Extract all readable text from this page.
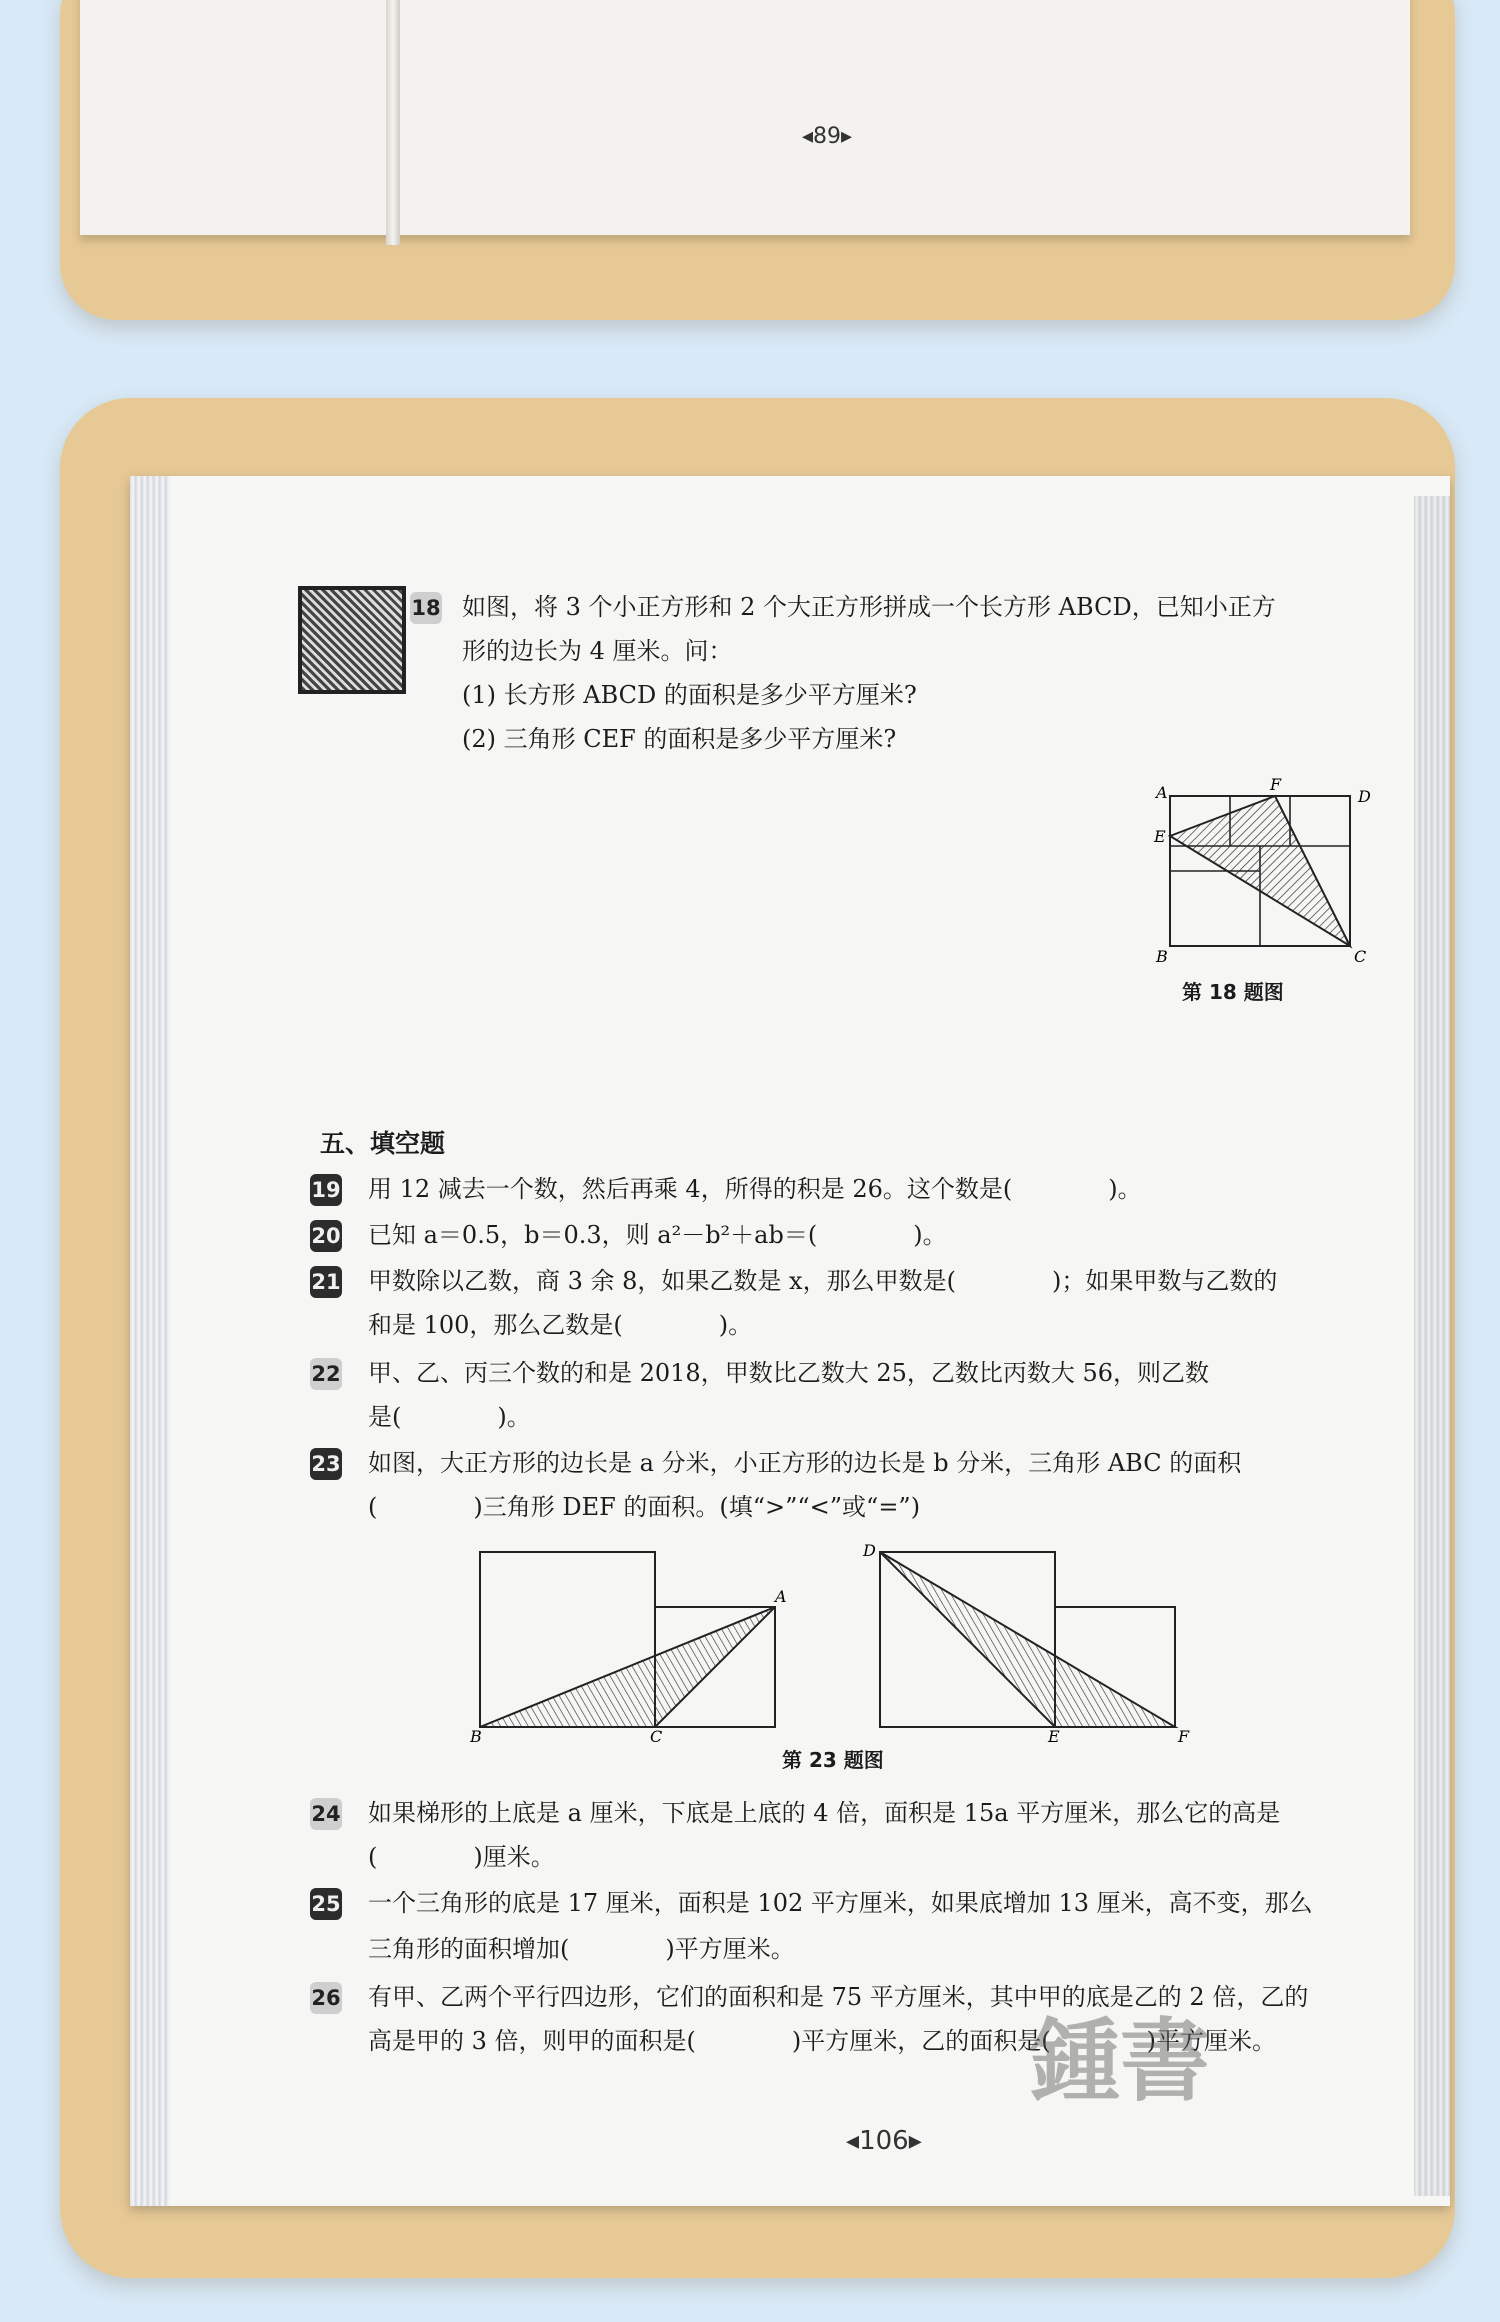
◂89▸
18 如图，将 3 个小正方形和 2 个大正方形拼成一个长方形 ABCD，已知小正方
形的边长为 4 厘米。问：
(1) 长方形 ABCD 的面积是多少平方厘米?
(2) 三角形 CEF 的面积是多少平方厘米?
A	D
F
E
B	C
第 18 题图
五、填空题
19 用 12 减去一个数，然后再乘 4，所得的积是 26。这个数是(　　　　)。
20 已知 a＝0.5，b＝0.3，则 a²－b²＋ab＝(　　　　)。
21 甲数除以乙数，商 3 余 8，如果乙数是 x，那么甲数是(　　　　)；如果甲数与乙数的
和是 100，那么乙数是(　　　　)。
22 甲、乙、丙三个数的和是 2018，甲数比乙数大 25，乙数比丙数大 56，则乙数
是(　　　　)。
23 如图，大正方形的边长是 a 分米，小正方形的边长是 b 分米，三角形 ABC 的面积
(　　　　)三角形 DEF 的面积。(填“>”“<”或“=”)
B	C
A
D
E	F
第 23 题图
24 如果梯形的上底是 a 厘米，下底是上底的 4 倍，面积是 15a 平方厘米，那么它的高是
(　　　　)厘米。
25 一个三角形的底是 17 厘米，面积是 102 平方厘米，如果底增加 13 厘米，高不变，那么
三角形的面积增加(　　　　)平方厘米。
26 有甲、乙两个平行四边形，它们的面积和是 75 平方厘米，其中甲的底是乙的 2 倍，乙的
高是甲的 3 倍，则甲的面积是(　　　　)平方厘米，乙的面积是(　　　　)平方厘米。
鍾書
◂106▸
